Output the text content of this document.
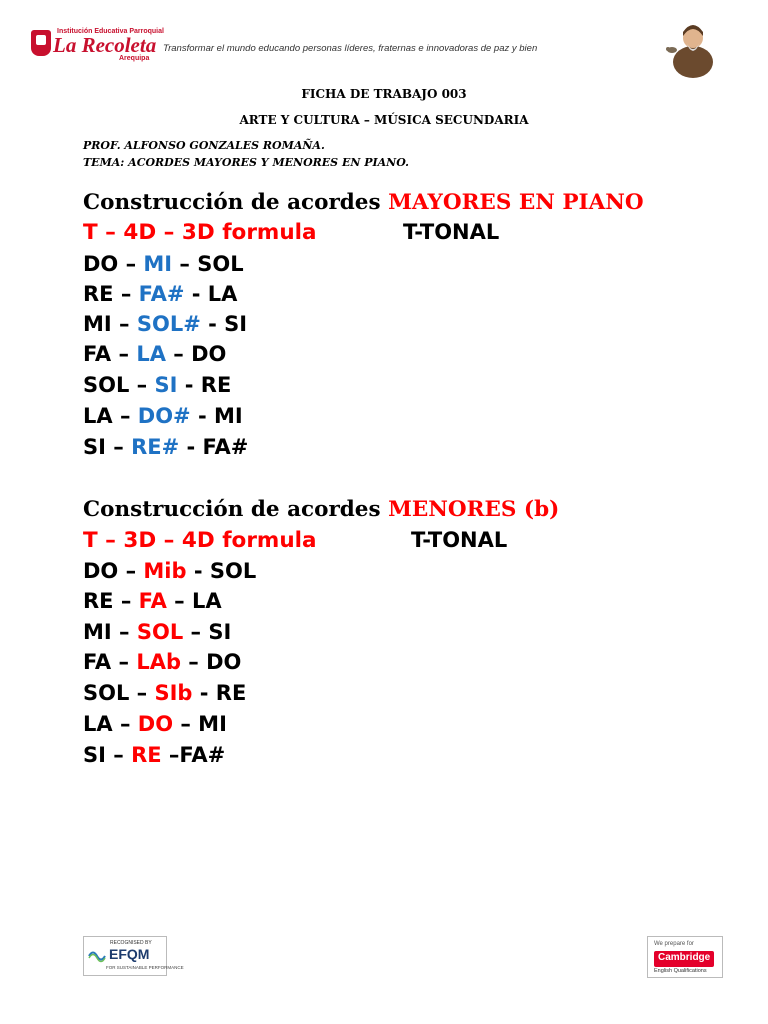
Institución Educativa Parroquial
La Recoleta
Arequipa
Transformar el mundo educando personas líderes, fraternas e innovadoras de paz y bien
FICHA DE TRABAJO 003
ARTE Y CULTURA – MÚSICA SECUNDARIA
PROF. ALFONSO GONZALES ROMAÑA.
TEMA: ACORDES MAYORES Y MENORES EN PIANO.
Construcción de acordes MAYORES EN PIANO
T – 4D – 3D formula	T-TONAL
DO – MI – SOL
RE – FA# - LA
MI – SOL# - SI
FA – LA – DO
SOL – SI - RE
LA – DO# - MI
SI – RE# - FA#
Construcción de acordes MENORES (b)
T – 3D – 4D formula	T-TONAL
DO – Mib - SOL
RE – FA – LA
MI – SOL – SI
FA – LAb – DO
SOL – SIb - RE
LA – DO – MI
SI – RE –FA#
RECOGNISED BY
EFQM
FOR SUSTAINABLE PERFORMANCE
We prepare for
Cambridge
English Qualifications
